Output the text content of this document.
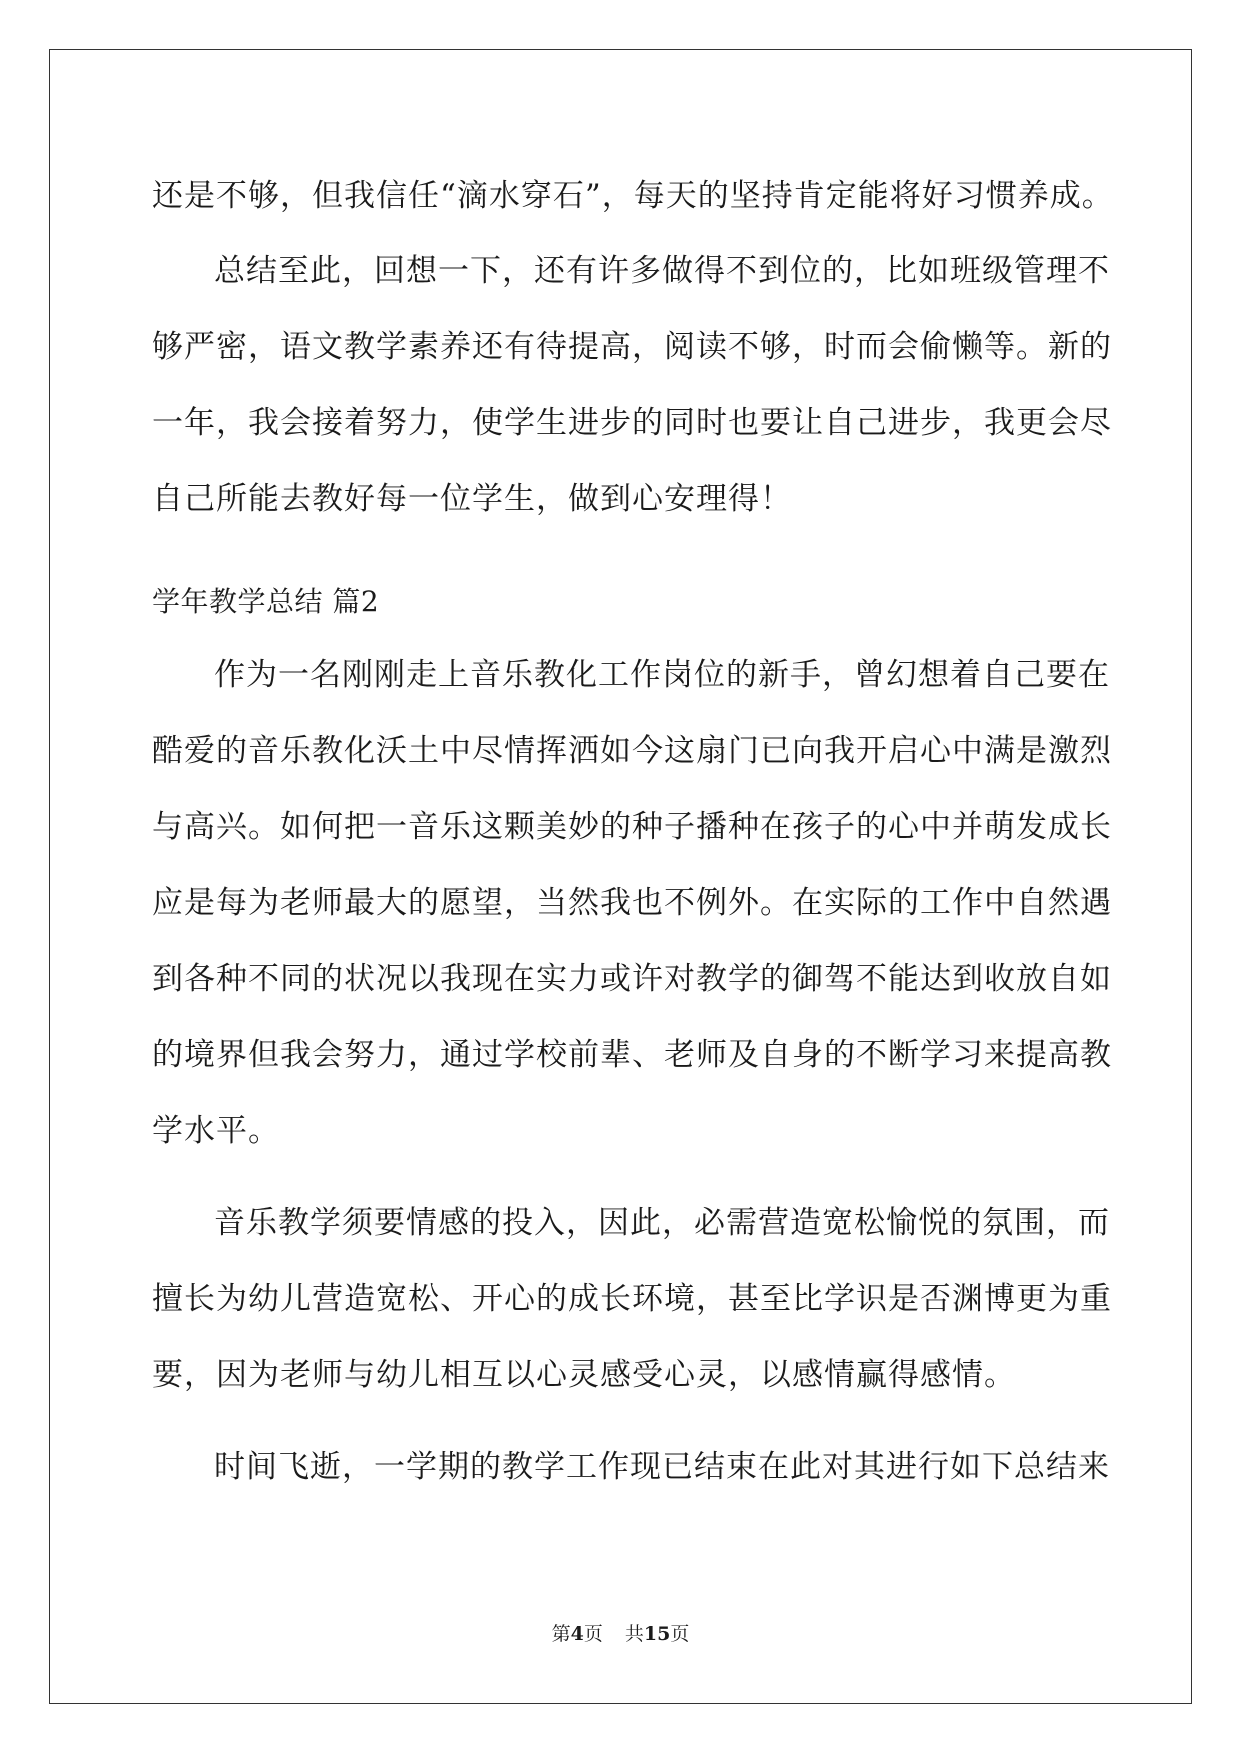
还是不够，但我信任“滴水穿石”，每天的坚持肯定能将好习惯养成。
总结至此，回想一下，还有许多做得不到位的，比如班级管理不
够严密，语文教学素养还有待提高，阅读不够，时而会偷懒等。新的
一年，我会接着努力，使学生进步的同时也要让自己进步，我更会尽
自己所能去教好每一位学生，做到心安理得！
学年教学总结 篇2
作为一名刚刚走上音乐教化工作岗位的新手，曾幻想着自己要在
酷爱的音乐教化沃土中尽情挥洒如今这扇门已向我开启心中满是激烈
与高兴。如何把一音乐这颗美妙的种子播种在孩子的心中并萌发成长
应是每为老师最大的愿望，当然我也不例外。在实际的工作中自然遇
到各种不同的状况以我现在实力或许对教学的御驾不能达到收放自如
的境界但我会努力，通过学校前辈、老师及自身的不断学习来提高教
学水平。
音乐教学须要情感的投入，因此，必需营造宽松愉悦的氛围，而
擅长为幼儿营造宽松、开心的成长环境，甚至比学识是否渊博更为重
要，因为老师与幼儿相互以心灵感受心灵，以感情赢得感情。
时间飞逝，一学期的教学工作现已结束在此对其进行如下总结来
第4页 共15页
